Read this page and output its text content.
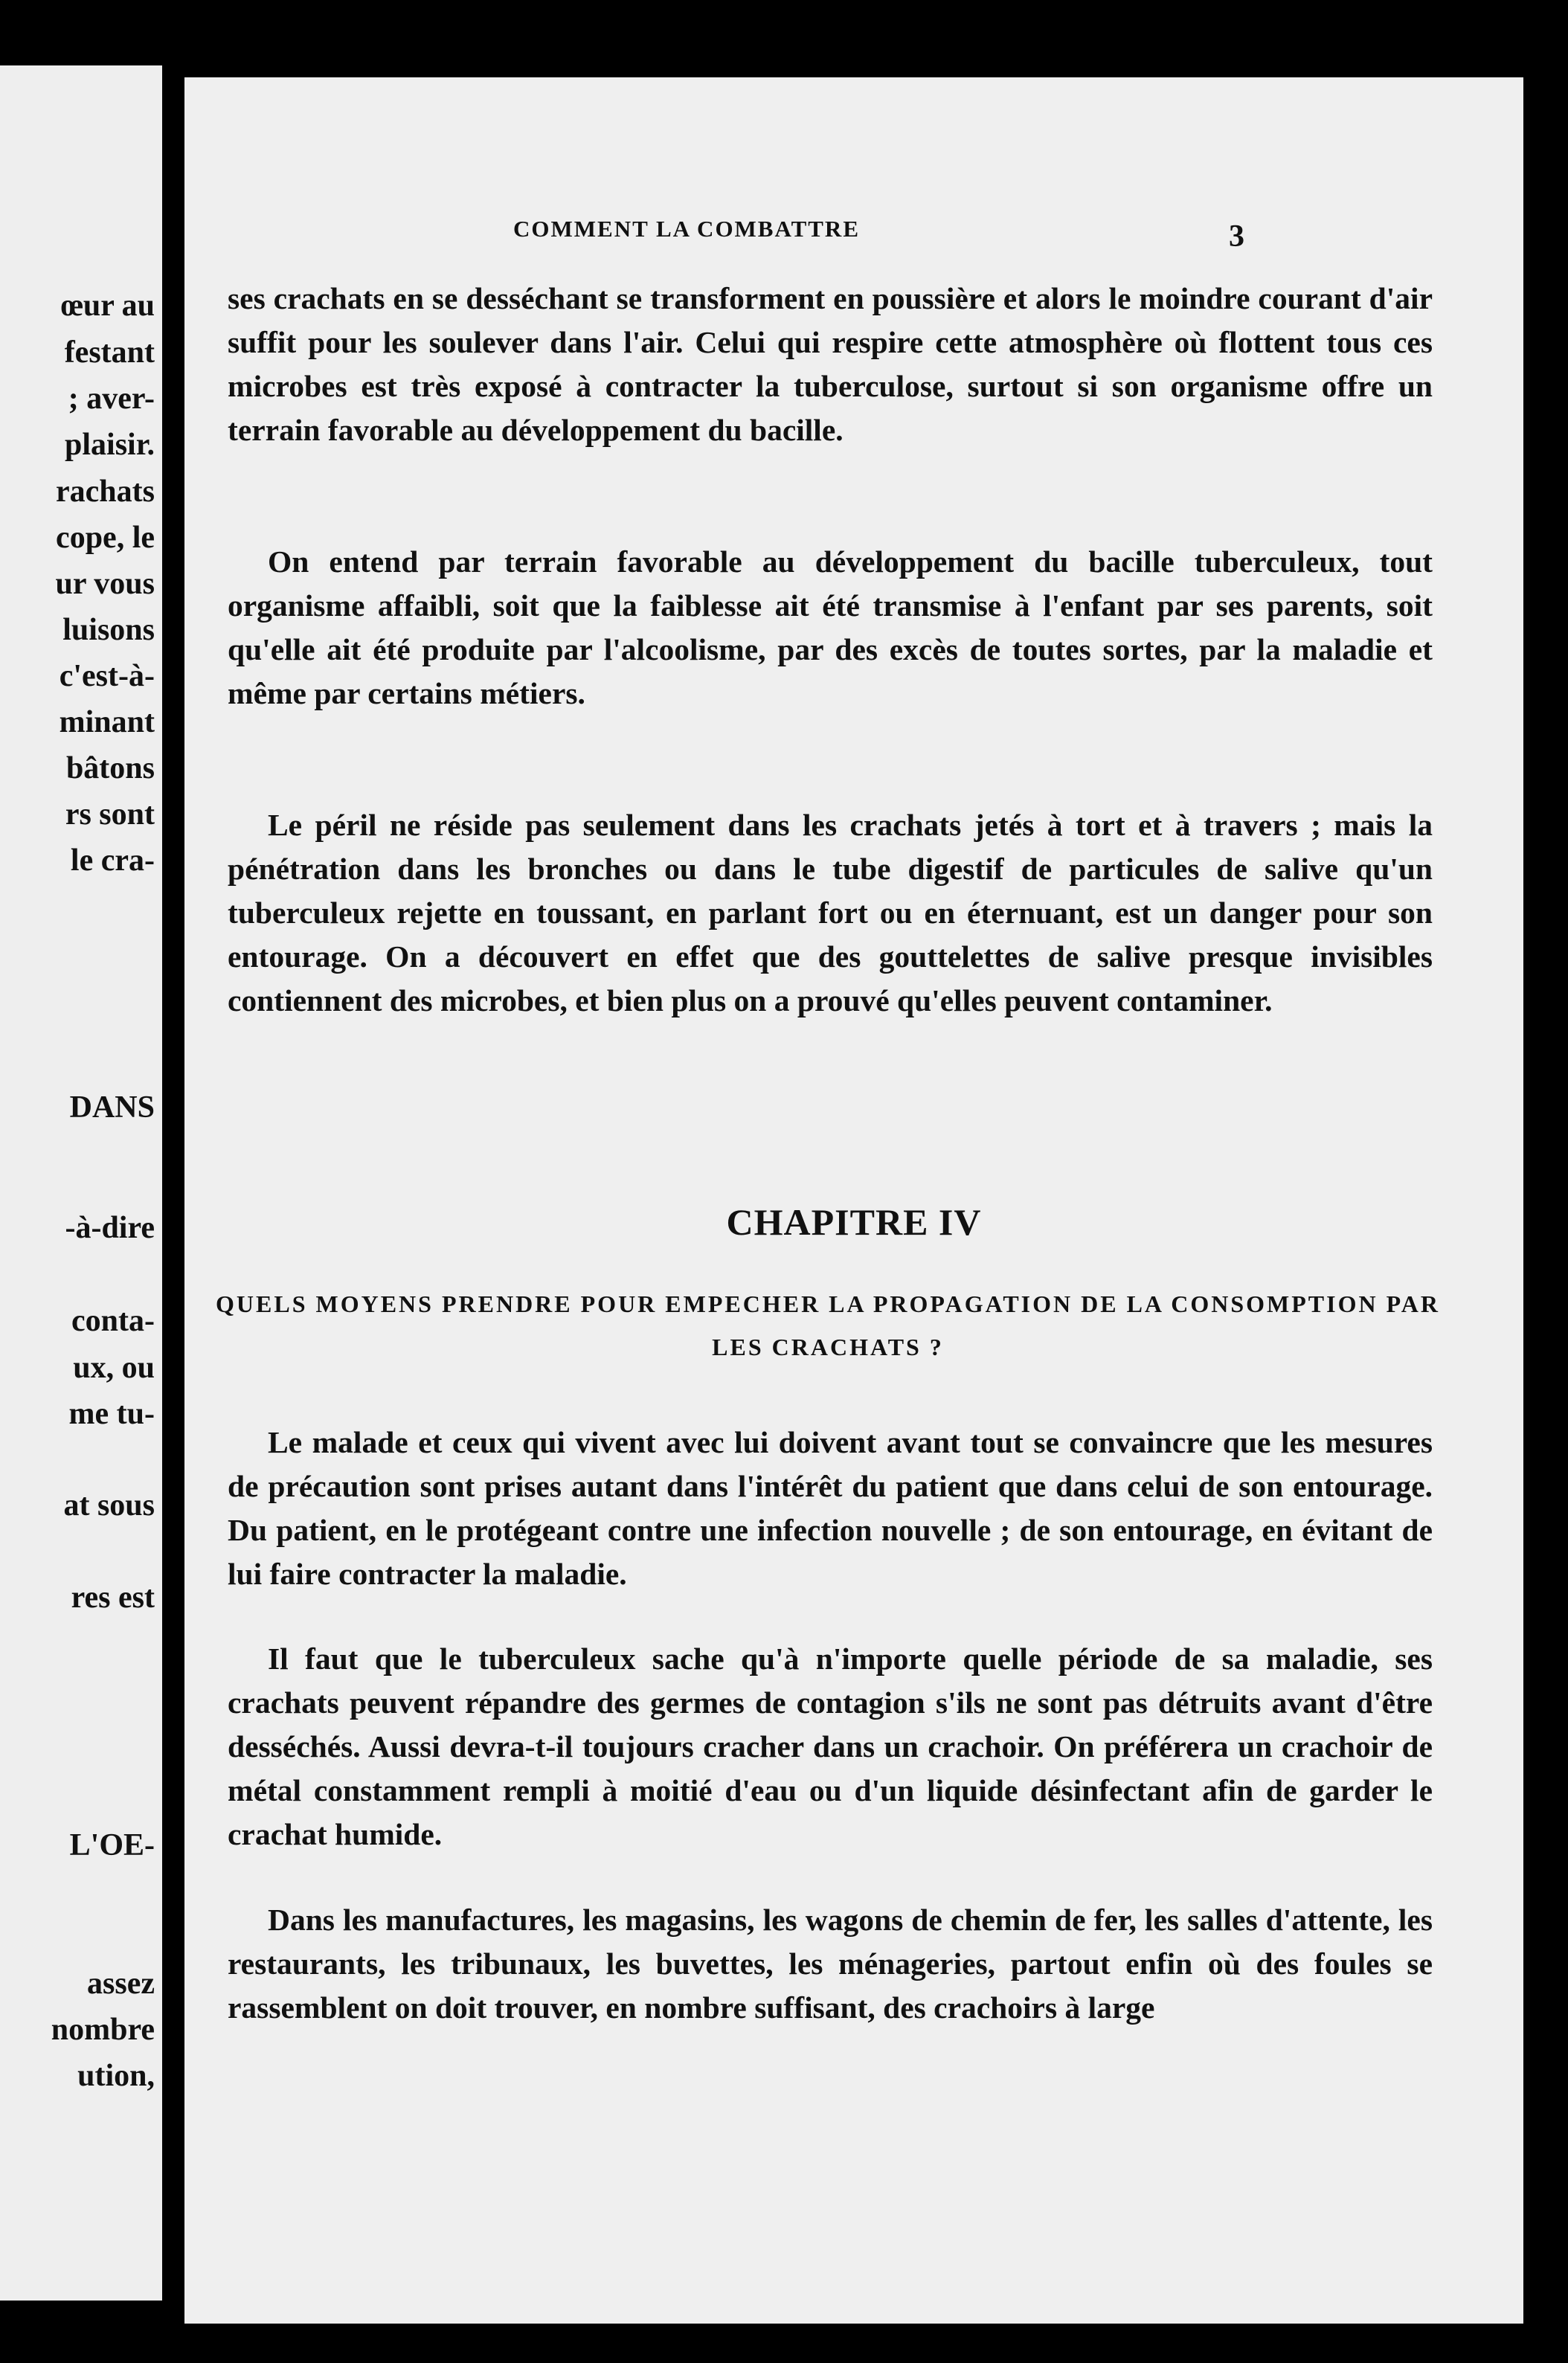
œur au
festant
; aver-
plaisir.
rachats
cope, le
ur vous
luisons
c'est-à-
minant
bâtons
rs sont
le cra-
DANS
-à-dire
conta-
ux, ou
me tu-
at sous
res est
L'OE-
assez
nombre
ution,
COMMENT LA COMBATTRE	3

ses crachats en se desséchant se transforment en poussière et alors le moindre courant d'air suffit pour les soulever dans l'air. Celui qui respire cette atmosphère où flottent tous ces microbes est très exposé à contracter la tuberculose, surtout si son organisme offre un terrain favorable au développement du bacille.

On entend par terrain favorable au développement du bacille tuberculeux, tout organisme affaibli, soit que la faiblesse ait été transmise à l'enfant par ses parents, soit qu'elle ait été produite par l'alcoolisme, par des excès de toutes sortes, par la maladie et même par certains métiers.

Le péril ne réside pas seulement dans les crachats jetés à tort et à travers ; mais la pénétration dans les bronches ou dans le tube digestif de particules de salive qu'un tuberculeux rejette en toussant, en parlant fort ou en éternuant, est un danger pour son entourage. On a découvert en effet que des gouttelettes de salive presque invisibles contiennent des microbes, et bien plus on a prouvé qu'elles peuvent contaminer.

CHAPITRE IV
QUELS MOYENS PRENDRE POUR EMPECHER LA PROPAGATION DE LA CONSOMPTION PAR LES CRACHATS ?

Le malade et ceux qui vivent avec lui doivent avant tout se convaincre que les mesures de précaution sont prises autant dans l'intérêt du patient que dans celui de son entourage. Du patient, en le protégeant contre une infection nouvelle ; de son entourage, en évitant de lui faire contracter la maladie.

Il faut que le tuberculeux sache qu'à n'importe quelle période de sa maladie, ses crachats peuvent répandre des germes de contagion s'ils ne sont pas détruits avant d'être desséchés. Aussi devra-t-il toujours cracher dans un crachoir. On préférera un crachoir de métal constamment rempli à moitié d'eau ou d'un liquide désinfectant afin de garder le crachat humide.

Dans les manufactures, les magasins, les wagons de chemin de fer, les salles d'attente, les restaurants, les tribunaux, les buvettes, les ménageries, partout enfin où des foules se rassemblent on doit trouver, en nombre suffisant, des crachoirs à large
